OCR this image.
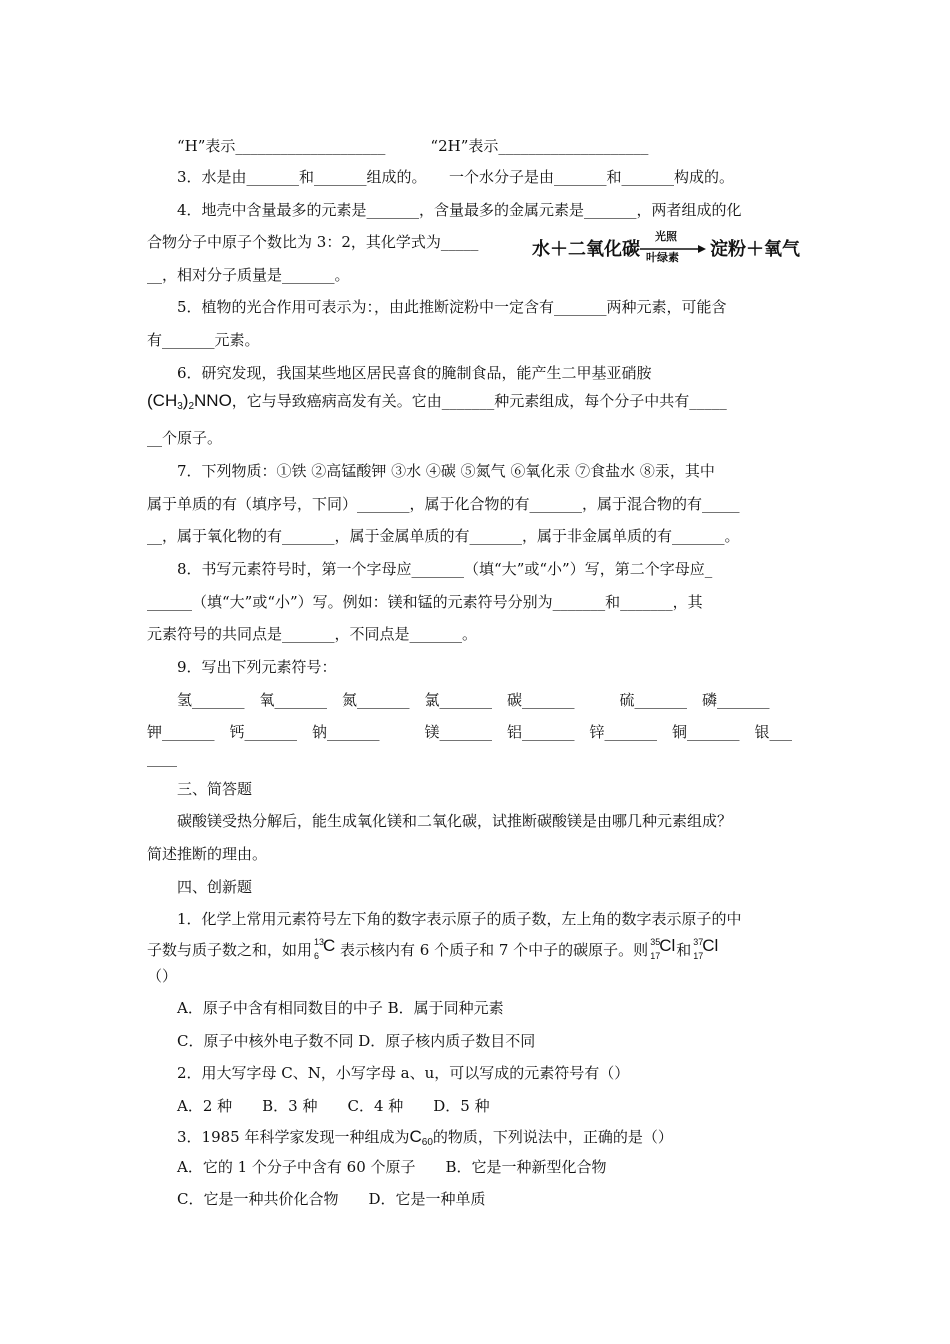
“H”表示____________________　　　“2H”表示____________________
3．水是由_______和_______组成的。　　一个水分子是由_______和_______构成的。
4．地壳中含量最多的元素是_______，含量最多的金属元素是_______，两者组成的化
合物分子中原子个数比为 3：2，其化学式为_____
__，相对分子质量是_______。
水＋二氧化碳
光照
叶绿素 淀粉＋氧气
5．植物的光合作用可表示为：，由此推断淀粉中一定含有_______两种元素，可能含
有_______元素。
6．研究发现，我国某些地区居民喜食的腌制食品，能产生二甲基亚硝胺
$(CH_3)_2NNO$，它与导致癌病高发有关。它由_______种元素组成，每个分子中共有_____
__个原子。
7．下列物质：①铁 ②高锰酸钾 ③水 ④碳 ⑤氮气 ⑥氧化汞 ⑦食盐水 ⑧汞，其中
属于单质的有（填序号，下同）_______，属于化合物的有_______，属于混合物的有_____
__，属于氧化物的有_______，属于金属单质的有_______，属于非金属单质的有_______。
8．书写元素符号时，第一个字母应_______（填“大”或“小”）写，第二个字母应_
______（填“大”或“小”）写。例如：镁和锰的元素符号分别为_______和_______，其
元素符号的共同点是_______，不同点是_______。
9．写出下列元素符号：
氢_______　氧_______　氮_______　氯_______　碳_______　　　硫_______　磷_______
钾_______　钙_______　钠_______　　　镁_______　铝_______　锌_______　铜_______　银___
____
三、简答题
碳酸镁受热分解后，能生成氧化镁和二氧化碳，试推断碳酸镁是由哪几种元素组成？
简述推断的理由。
四、创新题
1．化学上常用元素符号左下角的数字表示原子的质子数，左上角的数字表示原子的中
子数与质子数之和，如用 13
6
C 表示核内有 6 个质子和 7 个中子的碳原子。则 35
17
Cl 和 37
17
Cl
（）
A．原子中含有相同数目的中子 B．属于同种元素
C．原子中核外电子数不同 D．原子核内质子数目不同
2．用大写字母 C、N，小写字母 a、u，可以写成的元素符号有（）
A．2 种　　B．3 种　　C．4 种　　D．5 种
3．1985 年科学家发现一种组成为$C_{60}$的物质，下列说法中，正确的是（）
A．它的 1 个分子中含有 60 个原子　　B．它是一种新型化合物
C．它是一种共价化合物　　D．它是一种单质
